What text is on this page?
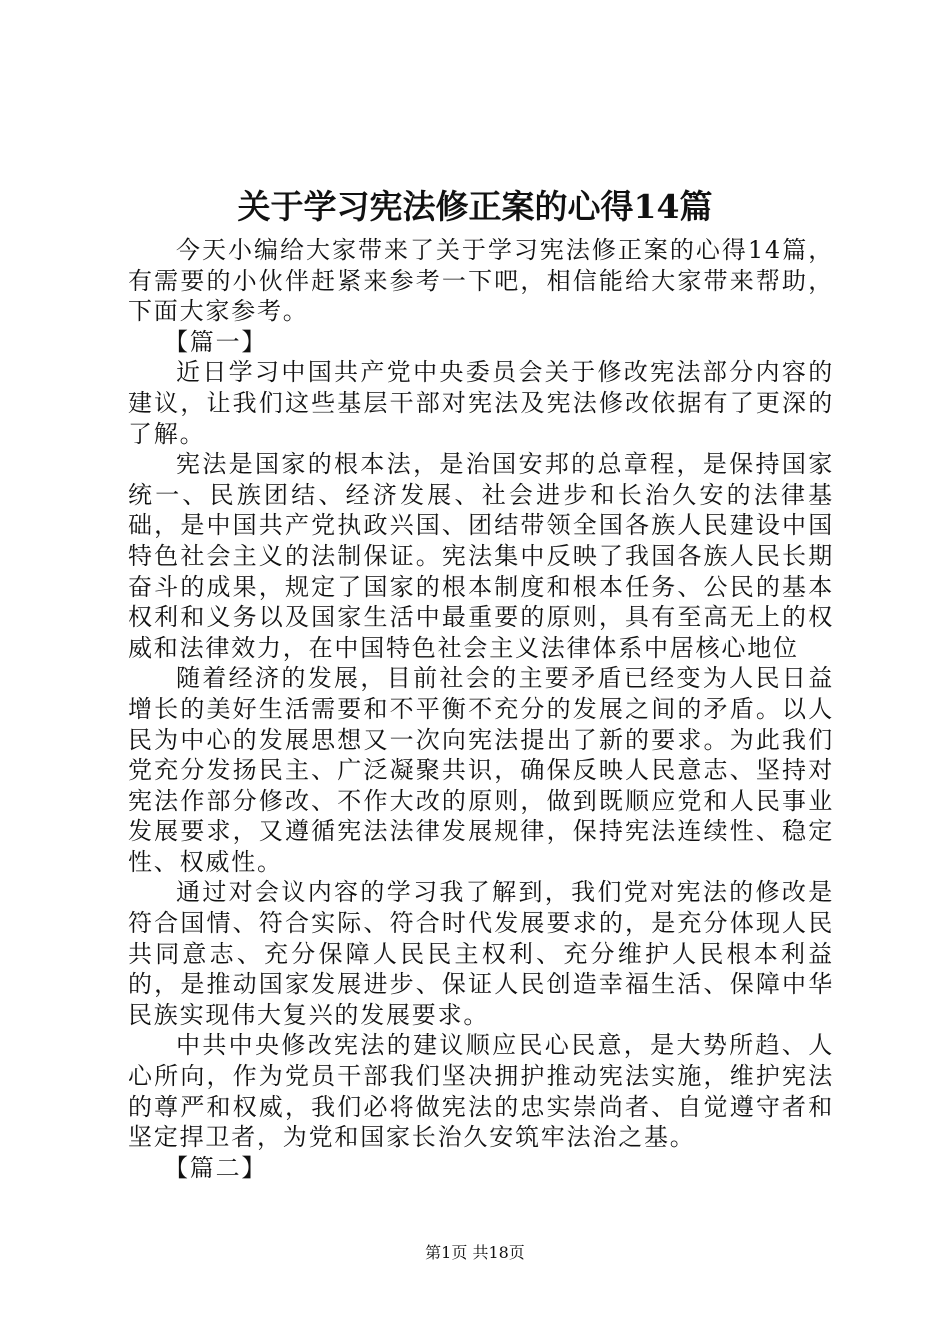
关于学习宪法修正案的心得14篇

今天小编给大家带来了关于学习宪法修正案的心得14篇，有需要的小伙伴赶紧来参考一下吧，相信能给大家带来帮助，下面大家参考。

【篇一】

近日学习中国共产党中央委员会关于修改宪法部分内容的建议，让我们这些基层干部对宪法及宪法修改依据有了更深的了解。

宪法是国家的根本法，是治国安邦的总章程，是保持国家统一、民族团结、经济发展、社会进步和长治久安的法律基础，是中国共产党执政兴国、团结带领全国各族人民建设中国特色社会主义的法制保证。宪法集中反映了我国各族人民长期奋斗的成果，规定了国家的根本制度和根本任务、公民的基本权利和义务以及国家生活中最重要的原则，具有至高无上的权威和法律效力，在中国特色社会主义法律体系中居核心地位

随着经济的发展，目前社会的主要矛盾已经变为人民日益增长的美好生活需要和不平衡不充分的发展之间的矛盾。以人民为中心的发展思想又一次向宪法提出了新的要求。为此我们党充分发扬民主、广泛凝聚共识，确保反映人民意志、坚持对宪法作部分修改、不作大改的原则，做到既顺应党和人民事业发展要求，又遵循宪法法律发展规律，保持宪法连续性、稳定性、权威性。

通过对会议内容的学习我了解到，我们党对宪法的修改是符合国情、符合实际、符合时代发展要求的，是充分体现人民共同意志、充分保障人民民主权利、充分维护人民根本利益的，是推动国家发展进步、保证人民创造幸福生活、保障中华民族实现伟大复兴的发展要求。

中共中央修改宪法的建议顺应民心民意，是大势所趋、人心所向，作为党员干部我们坚决拥护推动宪法实施，维护宪法的尊严和权威，我们必将做宪法的忠实崇尚者、自觉遵守者和坚定捍卫者，为党和国家长治久安筑牢法治之基。

【篇二】

第1页 共18页
